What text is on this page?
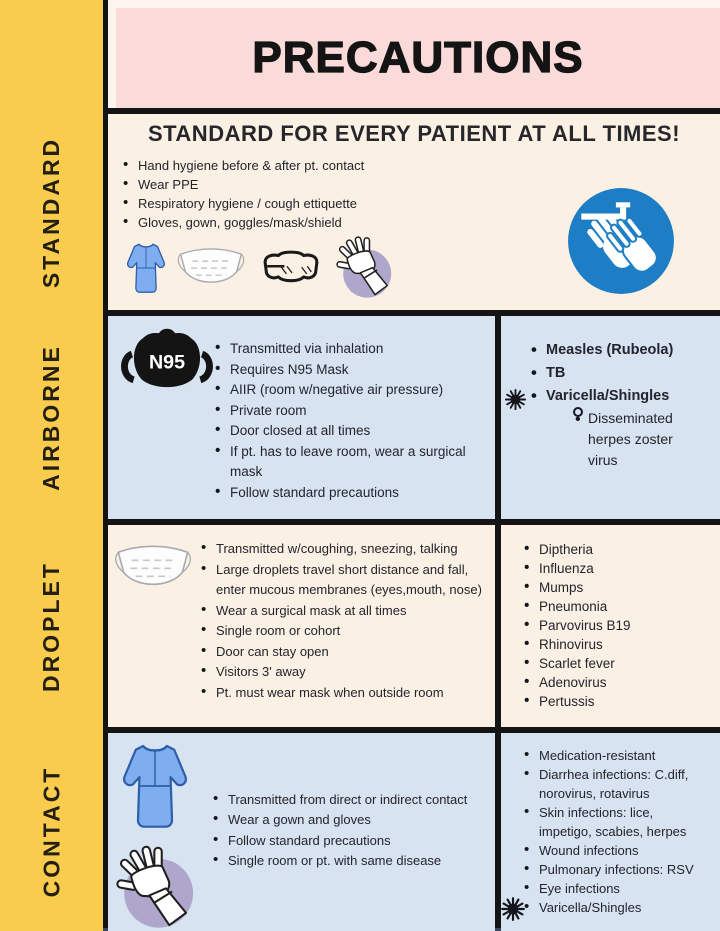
STANDARD
AIRBORNE
DROPLET
CONTACT
PRECAUTIONS
STANDARD FOR EVERY PATIENT AT ALL TIMES!
• Hand hygiene before & after pt. contact
• Wear PPE
• Respiratory hygiene / cough ettiquette
• Gloves, gown, goggles/mask/shield
N95
• Transmitted via inhalation
• Requires N95 Mask
• AIIR (room w/negative air pressure)
• Private room
• Door closed at all times
• If pt. has to leave room, wear a surgical mask
• Follow standard precautions
• Measles (Rubeola)
• TB
• Varicella/Shingles
• Disseminated herpes zoster virus
• Transmitted w/coughing, sneezing, talking
• Large droplets travel short distance and fall, enter mucous membranes (eyes,mouth, nose)
• Wear a surgical mask at all times
• Single room or cohort
• Door can stay open
• Visitors 3' away
• Pt. must wear mask when outside room
• Diptheria
• Influenza
• Mumps
• Pneumonia
• Parvovirus B19
• Rhinovirus
• Scarlet fever
• Adenovirus
• Pertussis
• Transmitted from direct or indirect contact
• Wear a gown and gloves
• Follow standard precautions
• Single room or pt. with same disease
• Medication-resistant
• Diarrhea infections: C.diff, norovirus, rotavirus
• Skin infections: lice, impetigo, scabies, herpes
• Wound infections
• Pulmonary infections: RSV
• Eye infections
• Varicella/Shingles
